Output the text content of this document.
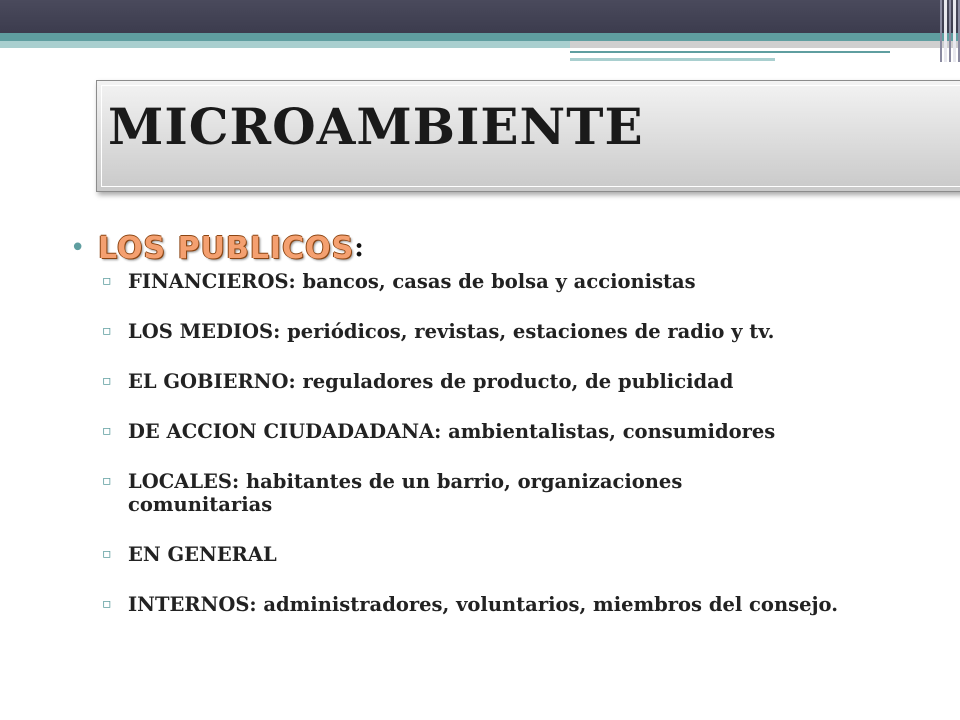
MICROAMBIENTE
• LOS PUBLICOS :
▫ FINANCIEROS: bancos, casas de bolsa y accionistas
▫ LOS MEDIOS: periódicos, revistas, estaciones de radio y tv.
▫ EL GOBIERNO: reguladores de producto, de publicidad
▫ DE ACCION CIUDADADANA: ambientalistas, consumidores
▫ LOCALES: habitantes de un barrio, organizaciones comunitarias
▫ EN GENERAL
▫ INTERNOS: administradores, voluntarios, miembros del consejo.
